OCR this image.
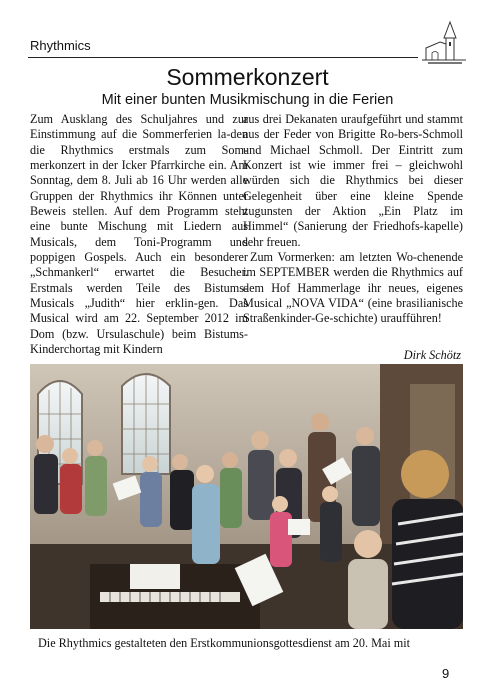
Rhythmics
Sommerkonzert
Mit einer bunten Musikmischung in die Ferien

Zum Ausklang des Schuljahres und zur Einstimmung auf die Sommerferien la-den die Rhythmics erstmals zum Som-merkonzert in der Icker Pfarrkirche ein. Am Sonntag, dem 8. Juli ab 16 Uhr werden alle Gruppen der Rhythmics ihr Können unter Beweis stellen. Auf dem Programm steht eine bunte Mischung mit Liedern aus Musicals, dem Toni-Programm und poppigen Gospels. Auch ein besonderer „Schmankerl“ erwartet die Besucher. Erstmals werden Teile des Bistums-Musicals „Judith“ hier erklin-gen. Das Musical wird am 22. September 2012 im Dom (bzw. Ursulaschule) beim Bistums-Kinderchortag mit Kindern

aus drei Dekanaten uraufgeführt und stammt aus der Feder von Brigitte Ro-bers-Schmoll und Michael Schmoll. Der Eintritt zum Konzert ist wie immer frei – gleichwohl würden sich die Rhythmics bei dieser Gelegenheit über eine kleine Spende zugunsten der Aktion „Ein Platz im Himmel“ (Sanierung der Friedhofs-kapelle) sehr freuen.

Zum Vormerken: am letzten Wo-chenende im SEPTEMBER werden die Rhythmics auf dem Hof Hammerlage ihr neues, eigenes Musical „NOVA VIDA“ (eine brasilianische Straßenkinder-Ge-schichte) uraufführen!

Dirk Schötz
Die Rhythmics gestalteten den Erstkommunionsgottesdienst am 20. Mai mit
9
